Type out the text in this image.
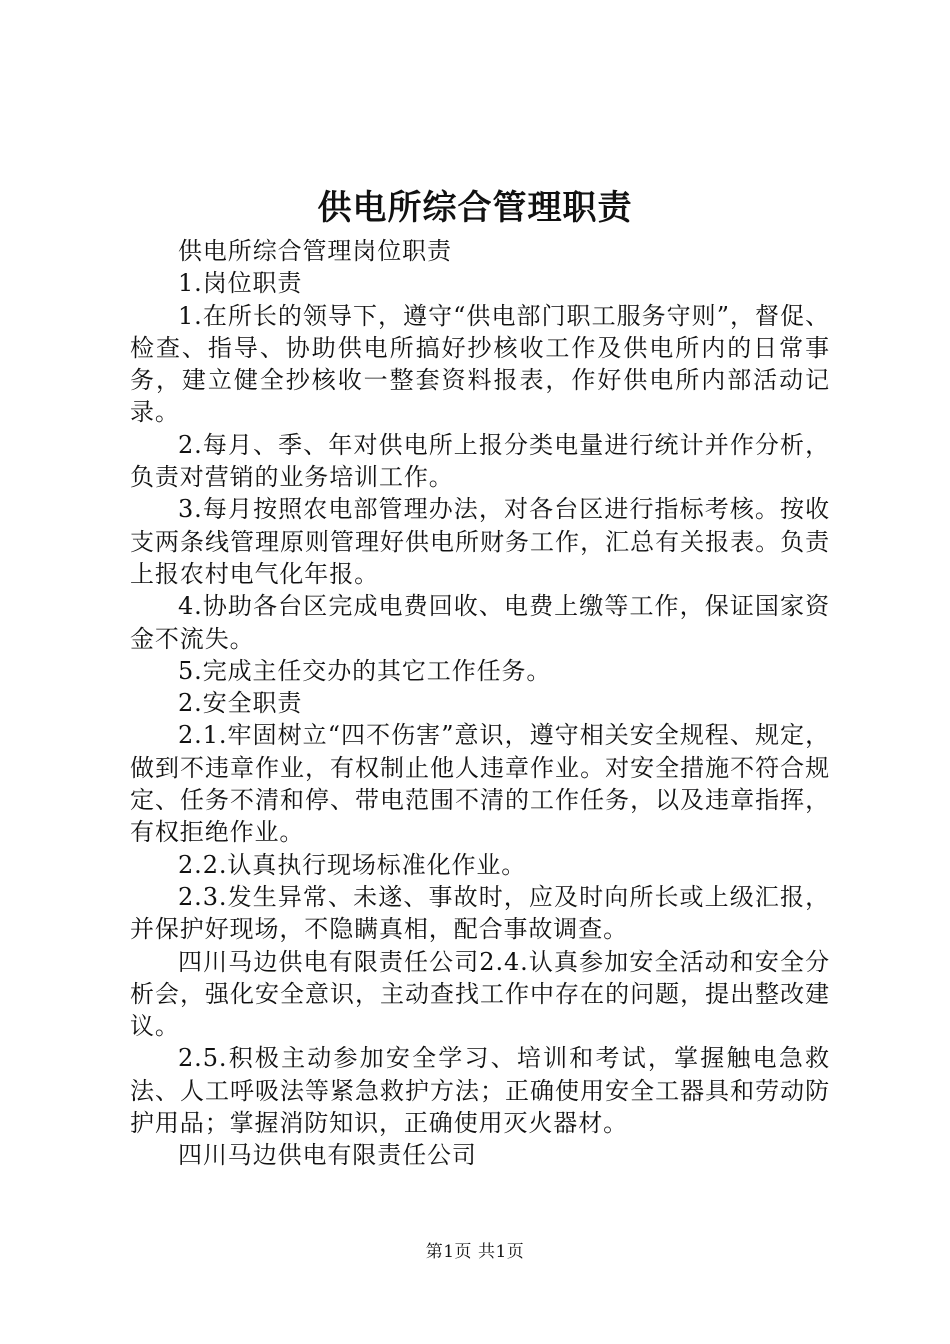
供电所综合管理职责

供电所综合管理岗位职责

1.岗位职责

1.在所长的领导下，遵守“供电部门职工服务守则”，督促、检查、指导、协助供电所搞好抄核收工作及供电所内的日常事务，建立健全抄核收一整套资料报表，作好供电所内部活动记录。

2.每月、季、年对供电所上报分类电量进行统计并作分析，负责对营销的业务培训工作。

3.每月按照农电部管理办法，对各台区进行指标考核。按收支两条线管理原则管理好供电所财务工作，汇总有关报表。负责上报农村电气化年报。

4.协助各台区完成电费回收、电费上缴等工作，保证国家资金不流失。

5.完成主任交办的其它工作任务。

2.安全职责

2.1.牢固树立“四不伤害”意识，遵守相关安全规程、规定，做到不违章作业，有权制止他人违章作业。对安全措施不符合规定、任务不清和停、带电范围不清的工作任务，以及违章指挥，有权拒绝作业。

2.2.认真执行现场标准化作业。

2.3.发生异常、未遂、事故时，应及时向所长或上级汇报，并保护好现场，不隐瞒真相，配合事故调查。

四川马边供电有限责任公司2.4.认真参加安全活动和安全分析会，强化安全意识，主动查找工作中存在的问题，提出整改建议。

2.5.积极主动参加安全学习、培训和考试，掌握触电急救法、人工呼吸法等紧急救护方法；正确使用安全工器具和劳动防护用品；掌握消防知识，正确使用灭火器材。

四川马边供电有限责任公司

第1页 共1页
